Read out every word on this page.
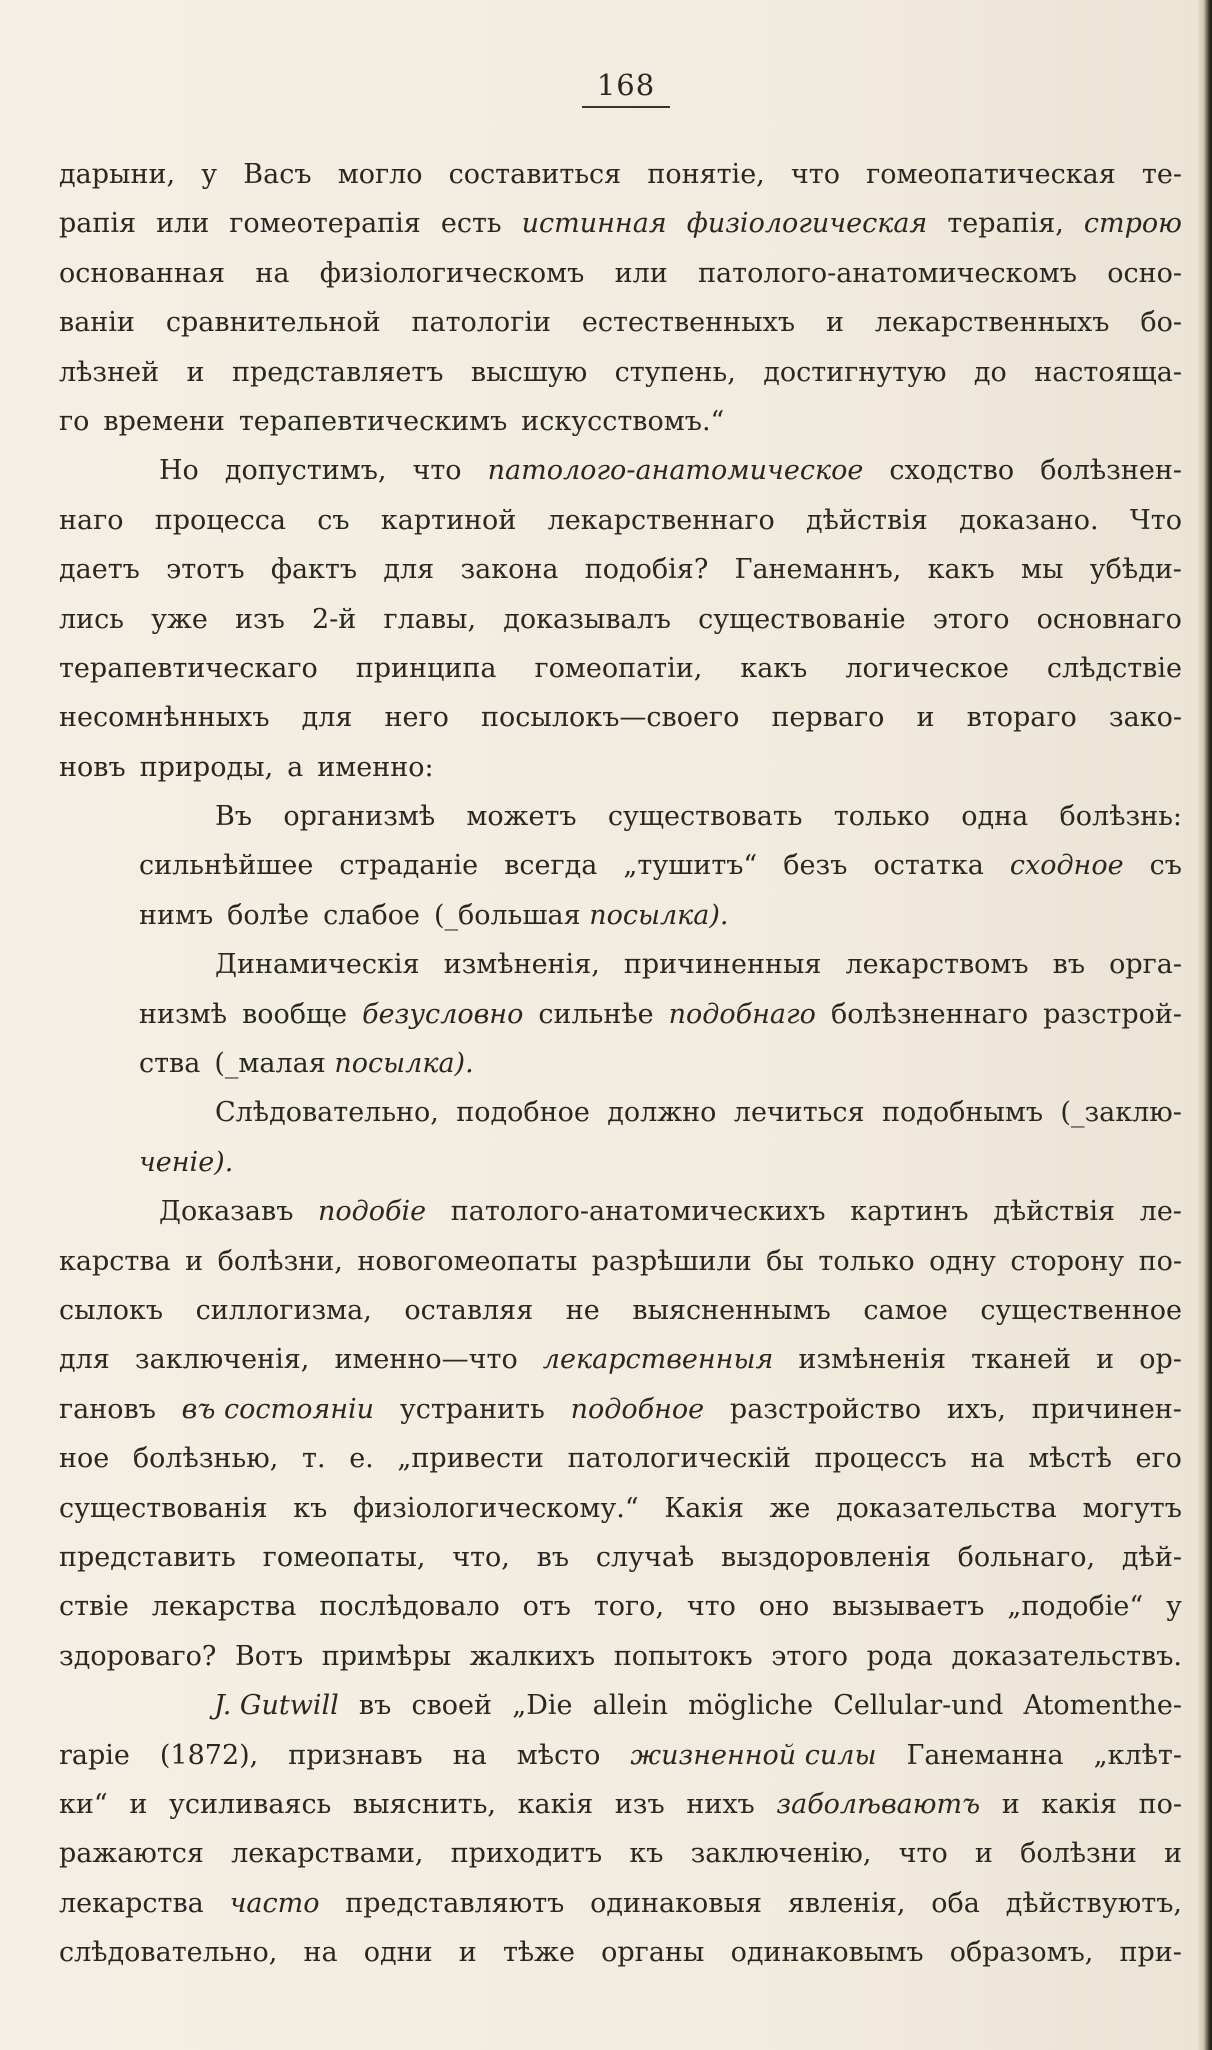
168
дарыни, у Васъ могло составиться понятіе, что гомеопатическая те-
рапія или гомеотерапія есть истинная физiологическая терапія, строю
основанная на физіологическомъ или патолого-анатомическомъ осно-
ваніи сравнительной патологіи естественныхъ и лекарственныхъ бо-
лѣзней и представляетъ высшую ступень, достигнутую до настояща-
го времени терапевтическимъ искусствомъ.“
Но допустимъ, что патолого-анатомическое сходство болѣзнен-
наго процесса съ картиной лекарственнаго дѣйствія доказано. Что
даетъ этотъ фактъ для закона подобія? Ганеманнъ, какъ мы убѣди-
лись уже изъ 2-й главы, доказывалъ существованіе этого основнаго
терапевтическаго принципа гомеопатіи, какъ логическое слѣдствіе
несомнѣнныхъ для него посылокъ—своего перваго и втораго зако-
новъ природы, а именно:
Въ организмѣ можетъ существовать только одна болѣзнь:
сильнѣйшее страданіе всегда „тушитъ“ безъ остатка сходное съ
нимъ болѣе слабое (_большая посылка).
Динамическія измѣненія, причиненныя лекарствомъ въ орга-
низмѣ вообще безусловно сильнѣе подобнаго болѣзненнаго разстрой-
ства (_малая посылка).
Слѣдовательно, подобное должно лечиться подобнымъ (_заклю-
ченіе).
Доказавъ подобіе патолого-анатомическихъ картинъ дѣйствія ле-
карства и болѣзни, новогомеопаты разрѣшили бы только одну сторону по-
сылокъ силлогизма, оставляя не выясненнымъ самое существенное
для заключенія, именно—что лекарственныя измѣненія тканей и ор-
гановъ въ состояніи устранить подобное разстройство ихъ, причинен-
ное болѣзнью, т. е. „привести патологическій процессъ на мѣстѣ его
существованія къ физiологическому.“ Какія же доказательства могутъ
представить гомеопаты, что, въ случаѣ выздоровленія больнаго, дѣй-
ствіе лекарства послѣдовало отъ того, что оно вызываетъ „подобіе“ у
здороваго? Вотъ примѣры жалкихъ попытокъ этого рода доказательствъ.
J. Gutwill въ своей „Die allein mögliche Cellular-und Atomenthe-
rapie (1872), признавъ на мѣсто жизненной силы Ганеманна „клѣт-
ки“ и усиливаясь выяснить, какія изъ нихъ заболѣваютъ и какія по-
ражаются лекарствами, приходитъ къ заключенію, что и болѣзни и
лекарства часто представляютъ одинаковыя явленія, оба дѣйствуютъ,
слѣдовательно, на одни и тѣже органы одинаковымъ образомъ, при-
